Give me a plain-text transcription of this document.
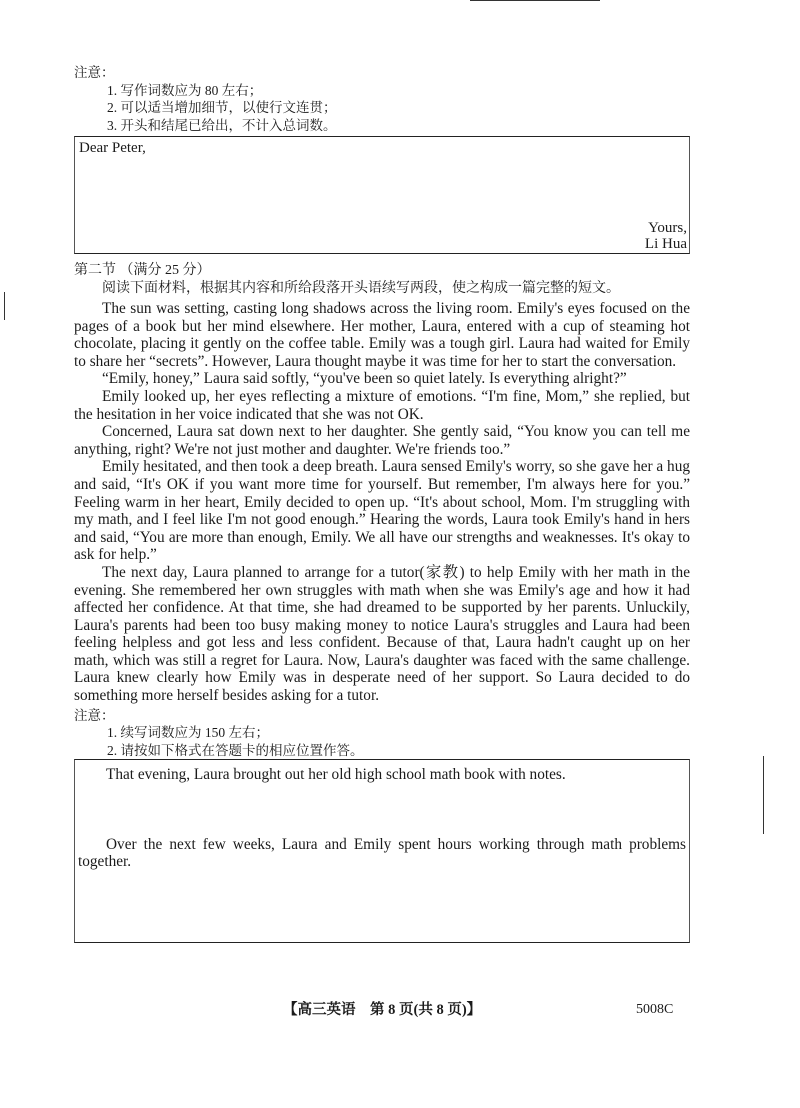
注意：
1. 写作词数应为 80 左右；
2. 可以适当增加细节，以使行文连贯；
3. 开头和结尾已给出，不计入总词数。
Dear Peter,
Yours,
Li Hua
第二节 （满分 25 分）
阅读下面材料，根据其内容和所给段落开头语续写两段，使之构成一篇完整的短文。

The sun was setting, casting long shadows across the living room. Emily's eyes focused on the pages of a book but her mind elsewhere. Her mother, Laura, entered with a cup of steaming hot chocolate, placing it gently on the coffee table. Emily was a tough girl. Laura had waited for Emily to share her “secrets”. However, Laura thought maybe it was time for her to start the conversation.

“Emily, honey,” Laura said softly, “you've been so quiet lately. Is everything alright?”

Emily looked up, her eyes reflecting a mixture of emotions. “I'm fine, Mom,” she replied, but the hesitation in her voice indicated that she was not OK.

Concerned, Laura sat down next to her daughter. She gently said, “You know you can tell me anything, right? We're not just mother and daughter. We're friends too.”

Emily hesitated, and then took a deep breath. Laura sensed Emily's worry, so she gave her a hug and said, “It's OK if you want more time for yourself. But remember, I'm always here for you.” Feeling warm in her heart, Emily decided to open up. “It's about school, Mom. I'm struggling with my math, and I feel like I'm not good enough.” Hearing the words, Laura took Emily's hand in hers and said, “You are more than enough, Emily. We all have our strengths and weaknesses. It's okay to ask for help.”

The next day, Laura planned to arrange for a tutor(家教) to help Emily with her math in the evening. She remembered her own struggles with math when she was Emily's age and how it had affected her confidence. At that time, she had dreamed to be supported by her parents. Unluckily, Laura's parents had been too busy making money to notice Laura's struggles and Laura had been feeling helpless and got less and less confident. Because of that, Laura hadn't caught up on her math, which was still a regret for Laura. Now, Laura's daughter was faced with the same challenge. Laura knew clearly how Emily was in desperate need of her support. So Laura decided to do something more herself besides asking for a tutor.

注意：
1. 续写词数应为 150 左右；
2. 请按如下格式在答题卡的相应位置作答。

That evening, Laura brought out her old high school math book with notes.

Over the next few weeks, Laura and Emily spent hours working through math problems together.

【高三英语　第 8 页(共 8 页)】	5008C
